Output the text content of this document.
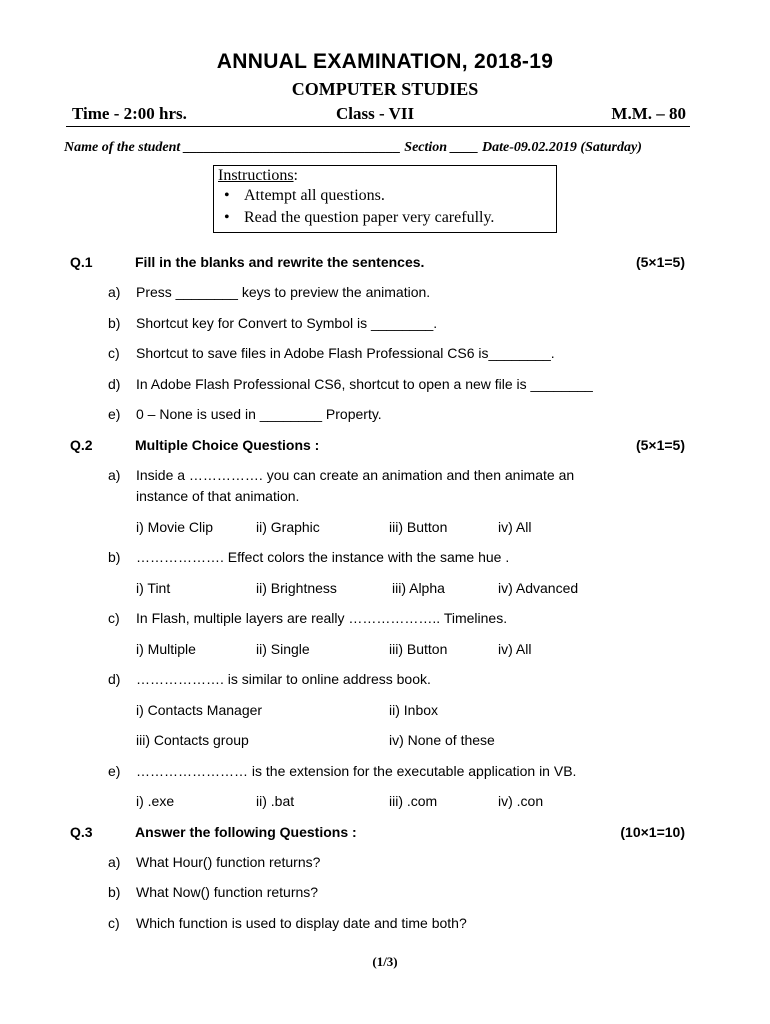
ANNUAL EXAMINATION, 2018-19
COMPUTER STUDIES
Time - 2:00 hrs.	Class - VII	M.M. – 80
Name of the student _______________________________ Section ____ Date-09.02.2019 (Saturday)
Instructions:
• Attempt all questions.
• Read the question paper very carefully.
Q.1	Fill in the blanks and rewrite the sentences.	(5×1=5)
a) Press ________ keys to preview the animation.
b) Shortcut key for Convert to Symbol is ________.
c) Shortcut to save files in Adobe Flash Professional CS6 is________.
d) In Adobe Flash Professional CS6, shortcut to open a new file is ________
e) 0 – None is used in ________ Property.
Q.2	Multiple Choice Questions :	(5×1=5)
a) Inside a ……………. you can create an animation and then animate an
instance of that animation.
i) Movie Clip	ii) Graphic	iii) Button	iv) All
b) ………………. Effect colors the instance with the same hue .
i) Tint	ii) Brightness	iii) Alpha	iv) Advanced
c) In Flash, multiple layers are really ……………….. Timelines.
i) Multiple	ii) Single	iii) Button	iv) All
d) ………………. is similar to online address book.
i) Contacts Manager	ii) Inbox
iii) Contacts group	iv) None of these
e) …………………… is the extension for the executable application in VB.
i) .exe	ii) .bat	iii) .com	iv) .con
Q.3	Answer the following Questions :	(10×1=10)
a) What Hour() function returns?
b) What Now() function returns?
c) Which function is used to display date and time both?
(1/3)
